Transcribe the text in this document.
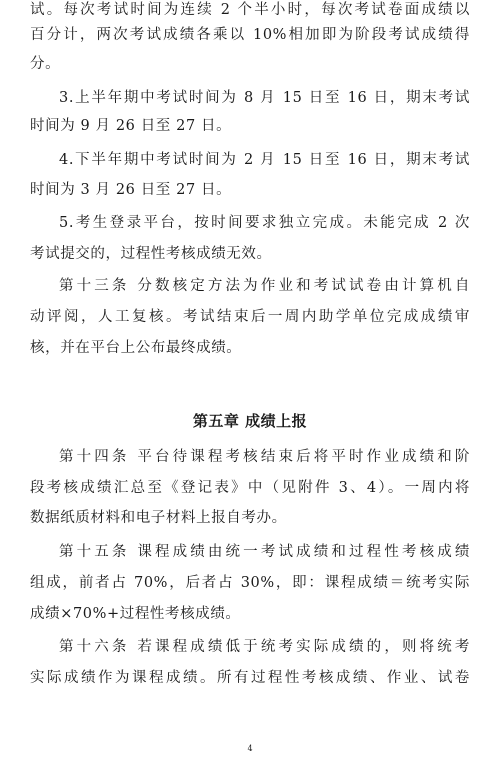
试。每次考试时间为连续 2 个半小时，每次考试卷面成绩以
百分计，两次考试成绩各乘以 10%相加即为阶段考试成绩得
分。
3.上半年期中考试时间为 8 月 15 日至 16 日，期末考试
时间为 9 月 26 日至 27 日。
4.下半年期中考试时间为 2 月 15 日至 16 日，期末考试
时间为 3 月 26 日至 27 日。
5.考生登录平台，按时间要求独立完成。未能完成 2 次
考试提交的，过程性考核成绩无效。
第十三条 分数核定方法为作业和考试试卷由计算机自
动评阅，人工复核。考试结束后一周内助学单位完成成绩审
核，并在平台上公布最终成绩。
第五章 成绩上报
第十四条 平台待课程考核结束后将平时作业成绩和阶
段考核成绩汇总至《登记表》中（见附件 3、4）。一周内将
数据纸质材料和电子材料上报自考办。
第十五条 课程成绩由统一考试成绩和过程性考核成绩
组成，前者占 70%，后者占 30%，即：课程成绩＝统考实际
成绩×70%+过程性考核成绩。
第十六条 若课程成绩低于统考实际成绩的，则将统考
实际成绩作为课程成绩。所有过程性考核成绩、作业、试卷
4
